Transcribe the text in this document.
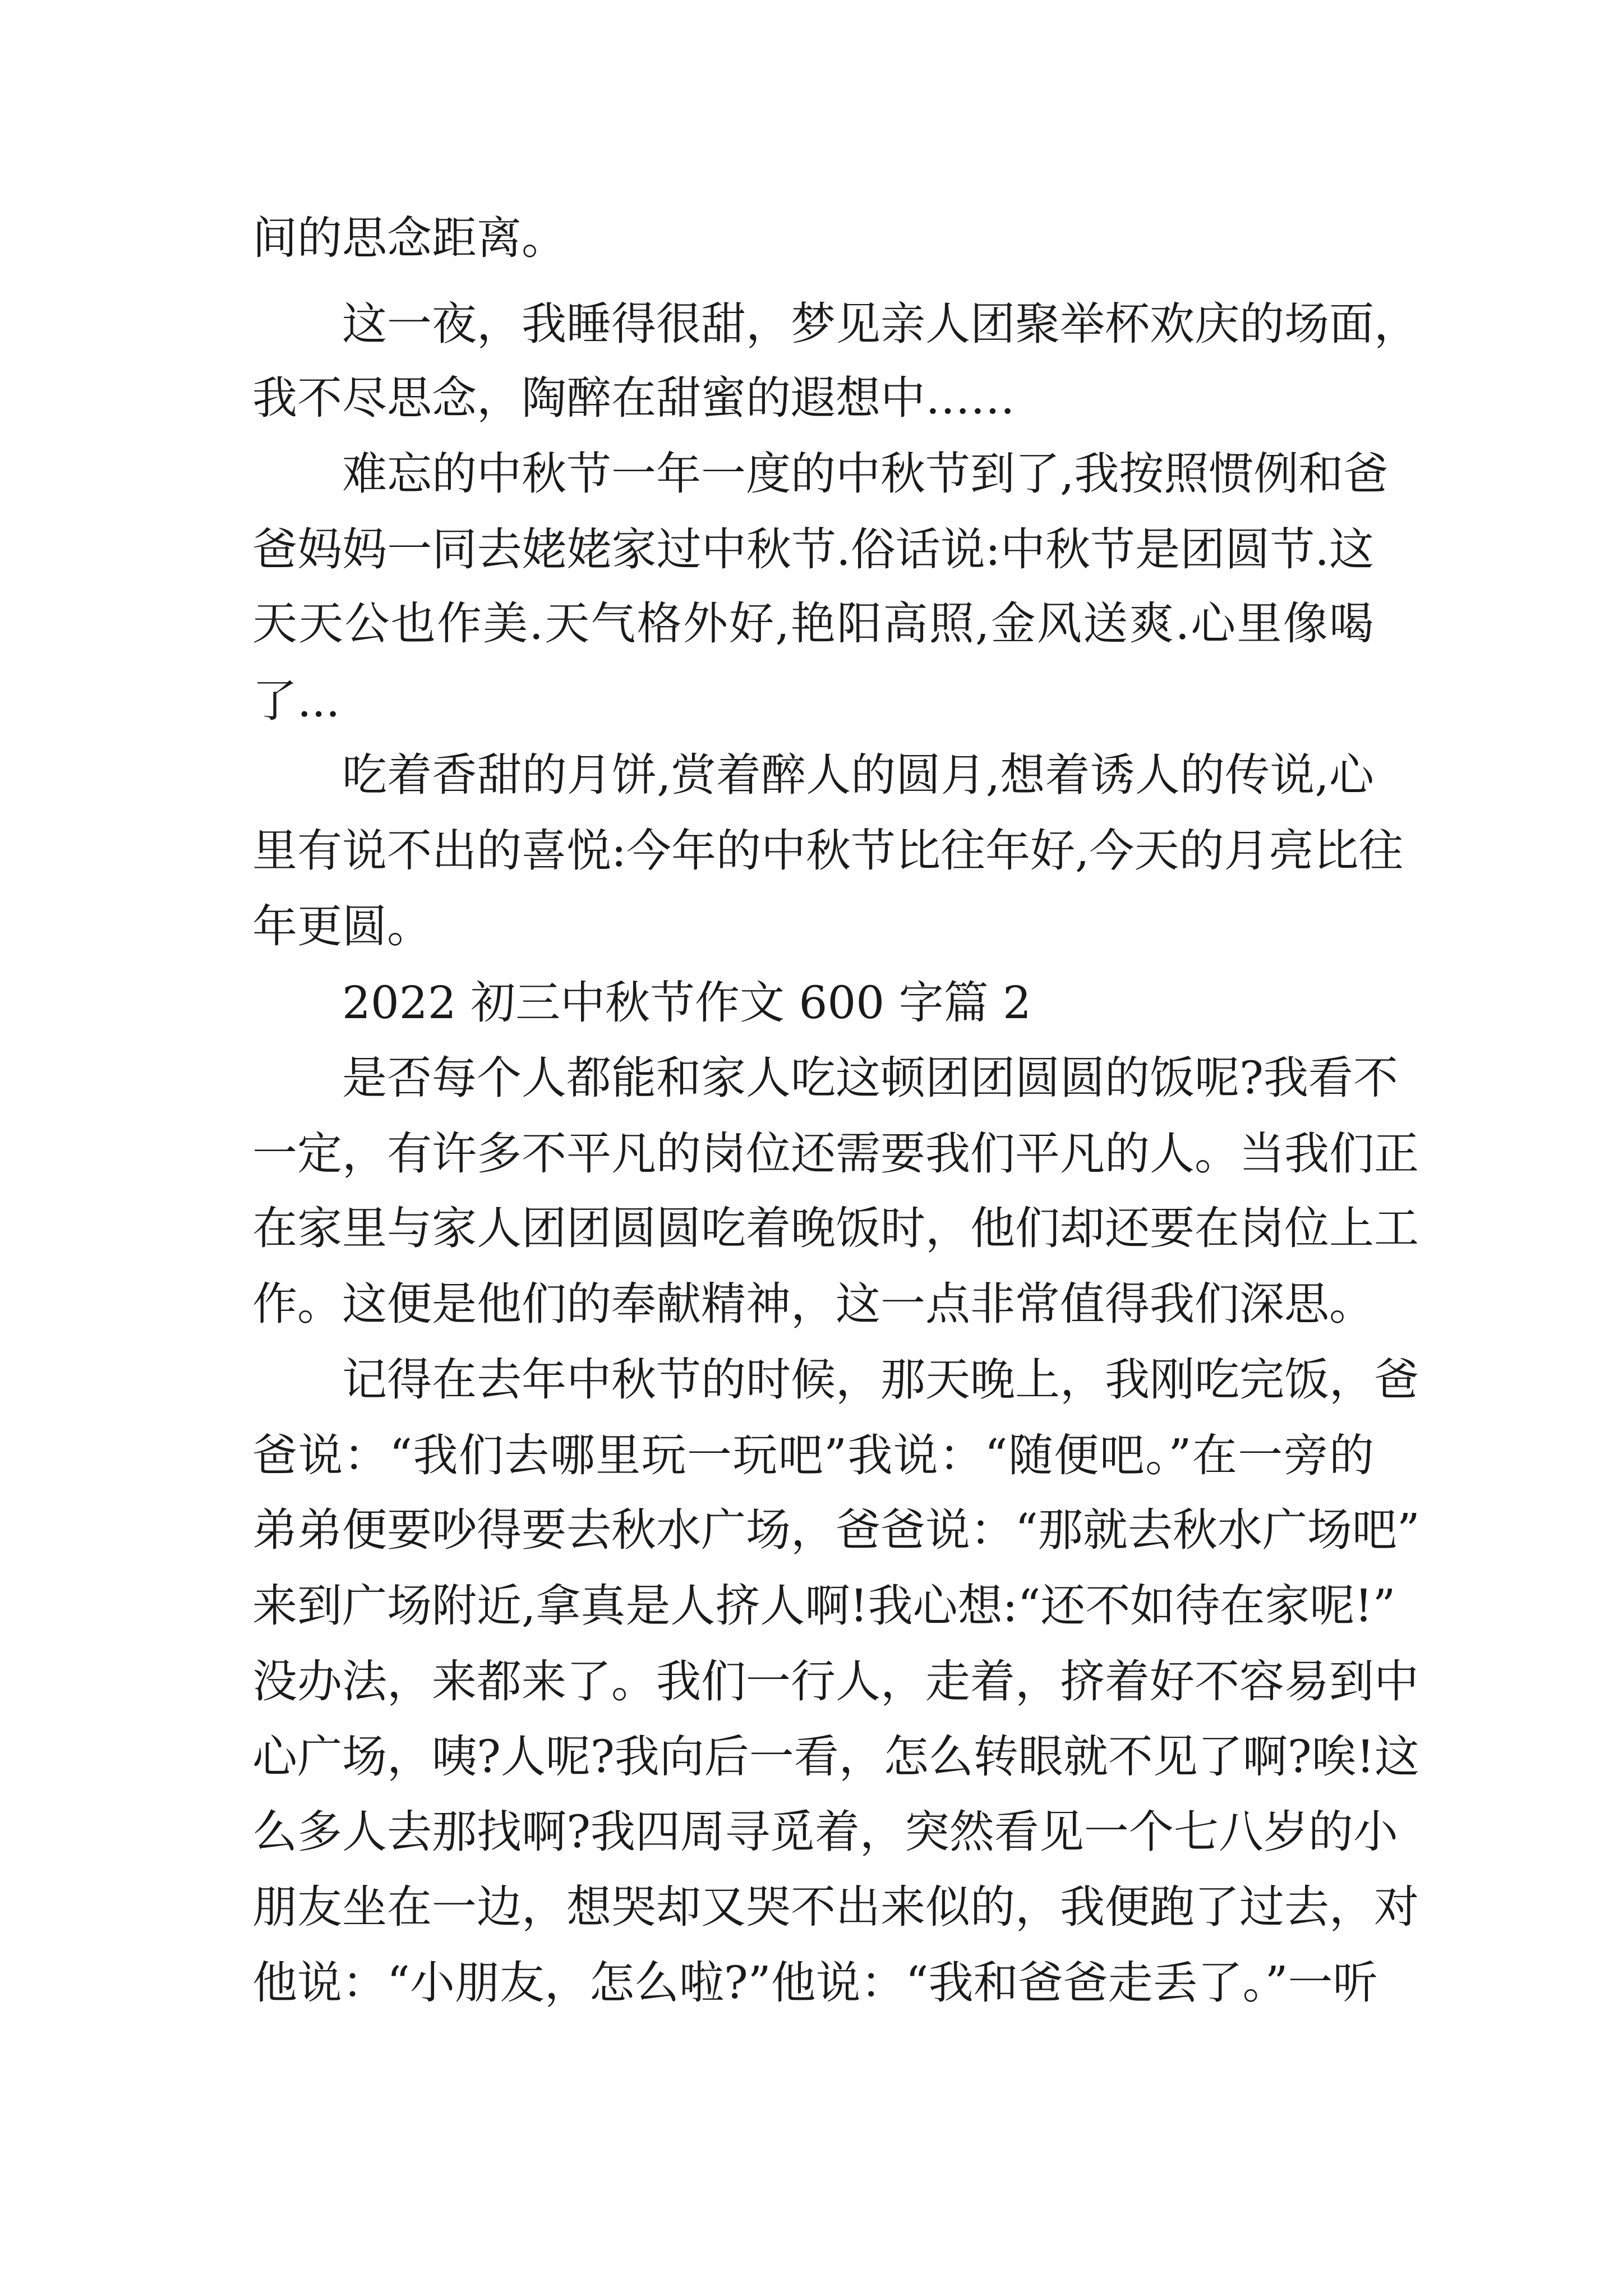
间的思念距离。
这一夜，我睡得很甜，梦见亲人团聚举杯欢庆的场面，
我不尽思念，陶醉在甜蜜的遐想中……
难忘的中秋节一年一度的中秋节到了,我按照惯例和爸
爸妈妈一同去姥姥家过中秋节.俗话说:中秋节是团圆节.这
天天公也作美.天气格外好,艳阳高照,金风送爽.心里像喝
了...
吃着香甜的月饼,赏着醉人的圆月,想着诱人的传说,心
里有说不出的喜悦:今年的中秋节比往年好,今天的月亮比往
年更圆。
2022 初三中秋节作文 600 字篇 2
是否每个人都能和家人吃这顿团团圆圆的饭呢?我看不
一定，有许多不平凡的岗位还需要我们平凡的人。当我们正
在家里与家人团团圆圆吃着晚饭时，他们却还要在岗位上工
作。这便是他们的奉献精神，这一点非常值得我们深思。
记得在去年中秋节的时候，那天晚上，我刚吃完饭，爸
爸说：“我们去哪里玩一玩吧”我说：“随便吧。”在一旁的
弟弟便要吵得要去秋水广场，爸爸说：“那就去秋水广场吧”
来到广场附近,拿真是人挤人啊!我心想:“还不如待在家呢!”
没办法，来都来了。我们一行人，走着，挤着好不容易到中
心广场，咦?人呢?我向后一看，怎么转眼就不见了啊?唉!这
么多人去那找啊?我四周寻觅着，突然看见一个七八岁的小
朋友坐在一边，想哭却又哭不出来似的，我便跑了过去，对
他说：“小朋友，怎么啦?”他说：“我和爸爸走丢了。”一听
